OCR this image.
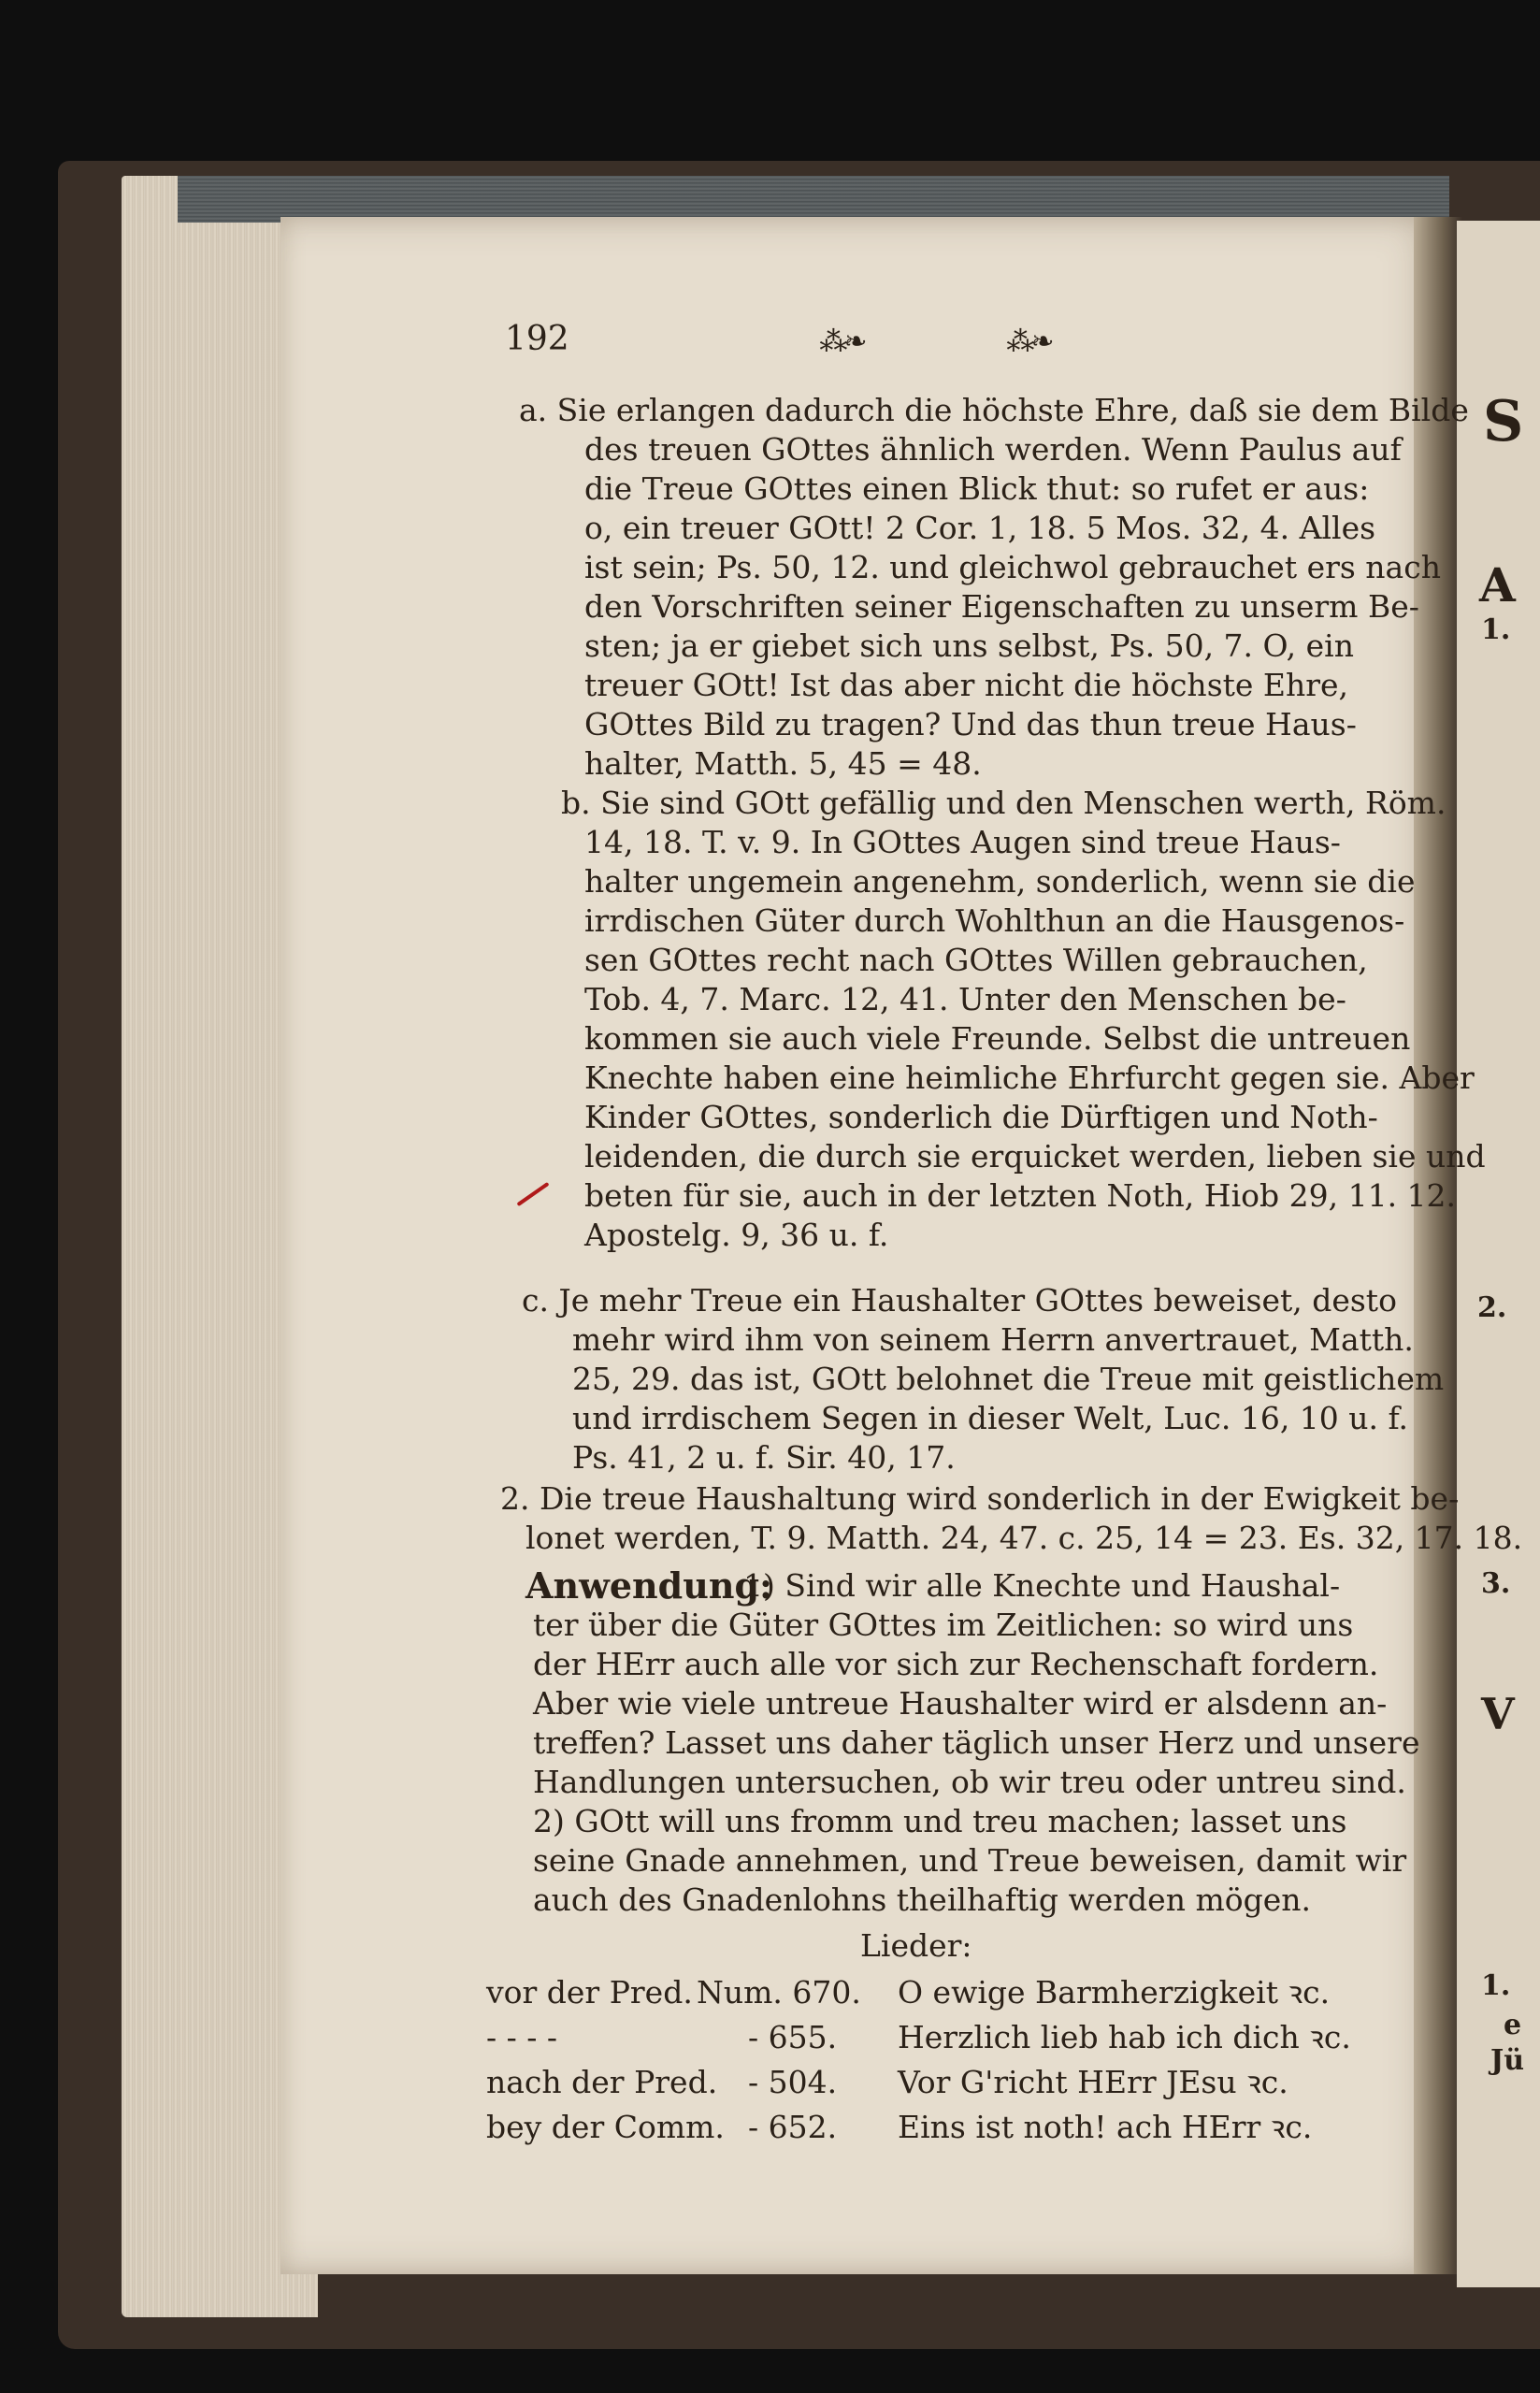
S
A
1.
2.
3.
V
1.
e
Jü
192	⁂❧	⁂❧
a. Sie erlangen dadurch die höchste Ehre, daß sie dem Bilde
des treuen GOttes ähnlich werden. Wenn Paulus auf
die Treue GOttes einen Blick thut: so rufet er aus:
o, ein treuer GOtt! 2 Cor. 1, 18. 5 Mos. 32, 4. Alles
ist sein; Ps. 50, 12. und gleichwol gebrauchet ers nach
den Vorschriften seiner Eigenschaften zu unserm Be-
sten; ja er giebet sich uns selbst, Ps. 50, 7. O, ein
treuer GOtt! Ist das aber nicht die höchste Ehre,
GOttes Bild zu tragen? Und das thun treue Haus-
halter, Matth. 5, 45 = 48.
b. Sie sind GOtt gefällig und den Menschen werth, Röm.
14, 18. T. v. 9. In GOttes Augen sind treue Haus-
halter ungemein angenehm, sonderlich, wenn sie die
irrdischen Güter durch Wohlthun an die Hausgenos-
sen GOttes recht nach GOttes Willen gebrauchen,
Tob. 4, 7. Marc. 12, 41. Unter den Menschen be-
kommen sie auch viele Freunde. Selbst die untreuen
Knechte haben eine heimliche Ehrfurcht gegen sie. Aber
Kinder GOttes, sonderlich die Dürftigen und Noth-
leidenden, die durch sie erquicket werden, lieben sie und
beten für sie, auch in der letzten Noth, Hiob 29, 11. 12.
Apostelg. 9, 36 u. f.
c. Je mehr Treue ein Haushalter GOttes beweiset, desto
mehr wird ihm von seinem Herrn anvertrauet, Matth.
25, 29. das ist, GOtt belohnet die Treue mit geistlichem
und irrdischem Segen in dieser Welt, Luc. 16, 10 u. f.
Ps. 41, 2 u. f. Sir. 40, 17.
2. Die treue Haushaltung wird sonderlich in der Ewigkeit be-
lonet werden, T. 9. Matth. 24, 47. c. 25, 14 = 23. Es. 32, 17. 18.
Anwendung:
1) Sind wir alle Knechte und Haushal-
ter über die Güter GOttes im Zeitlichen: so wird uns
der HErr auch alle vor sich zur Rechenschaft fordern.
Aber wie viele untreue Haushalter wird er alsdenn an-
treffen? Lasset uns daher täglich unser Herz und unsere
Handlungen untersuchen, ob wir treu oder untreu sind.
2) GOtt will uns fromm und treu machen; lasset uns
seine Gnade annehmen, und Treue beweisen, damit wir
auch des Gnadenlohns theilhaftig werden mögen.
Lieder:
vor der Pred. Num. 670. O ewige Barmherzigkeit ꝛc.
- - - -	- 655. Herzlich lieb hab ich dich ꝛc.
nach der Pred. - 504. Vor G'richt HErr JEsu ꝛc.
bey der Comm. - 652. Eins ist noth! ach HErr ꝛc.
